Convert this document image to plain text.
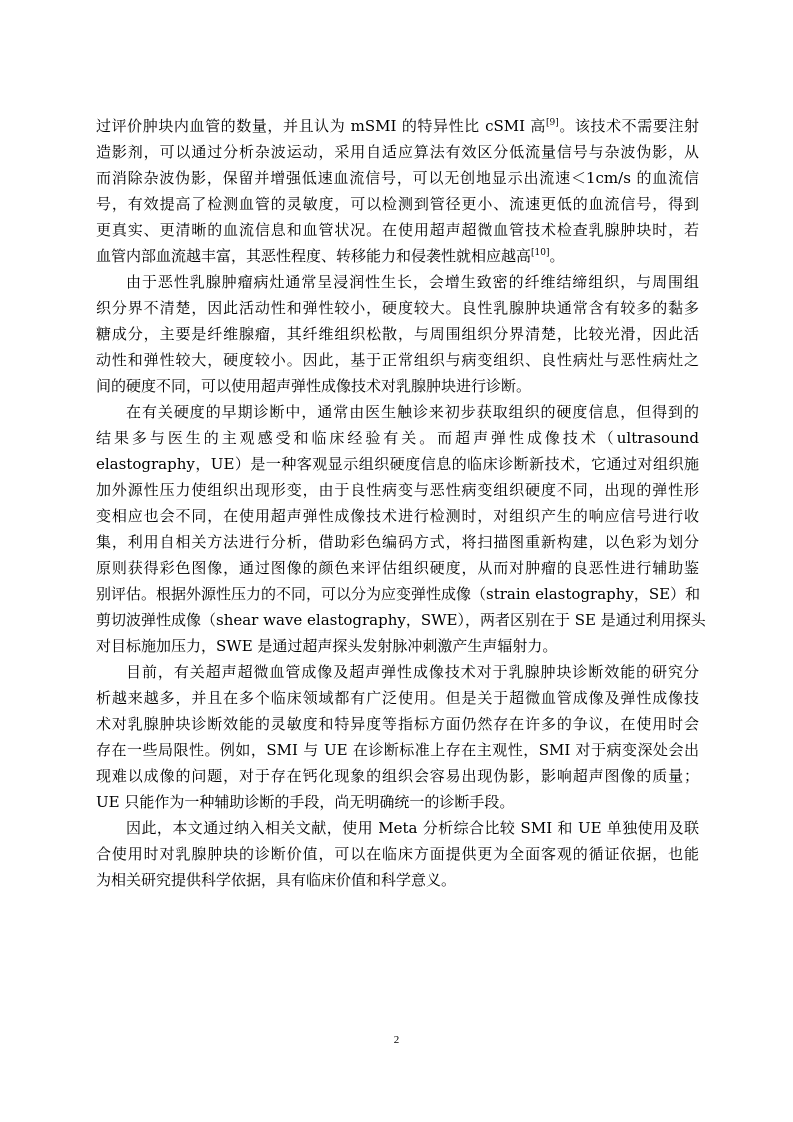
过评价肿块内血管的数量，并且认为 mSMI 的特异性比 cSMI 高[9]。该技术不需要注射
造影剂，可以通过分析杂波运动，采用自适应算法有效区分低流量信号与杂波伪影，从
而消除杂波伪影，保留并增强低速血流信号，可以无创地显示出流速＜1cm/s 的血流信
号，有效提高了检测血管的灵敏度，可以检测到管径更小、流速更低的血流信号，得到
更真实、更清晰的血流信息和血管状况。在使用超声超微血管技术检查乳腺肿块时，若
血管内部血流越丰富，其恶性程度、转移能力和侵袭性就相应越高[10]。
由于恶性乳腺肿瘤病灶通常呈浸润性生长，会增生致密的纤维结缔组织，与周围组
织分界不清楚，因此活动性和弹性较小，硬度较大。良性乳腺肿块通常含有较多的黏多
糖成分，主要是纤维腺瘤，其纤维组织松散，与周围组织分界清楚，比较光滑，因此活
动性和弹性较大，硬度较小。因此，基于正常组织与病变组织、良性病灶与恶性病灶之
间的硬度不同，可以使用超声弹性成像技术对乳腺肿块进行诊断。
在有关硬度的早期诊断中，通常由医生触诊来初步获取组织的硬度信息，但得到的
结果多与医生的主观感受和临床经验有关。而超声弹性成像技术（ultrasound
elastography，UE）是一种客观显示组织硬度信息的临床诊断新技术，它通过对组织施
加外源性压力使组织出现形变，由于良性病变与恶性病变组织硬度不同，出现的弹性形
变相应也会不同，在使用超声弹性成像技术进行检测时，对组织产生的响应信号进行收
集，利用自相关方法进行分析，借助彩色编码方式，将扫描图重新构建，以色彩为划分
原则获得彩色图像，通过图像的颜色来评估组织硬度，从而对肿瘤的良恶性进行辅助鉴
别评估。根据外源性压力的不同，可以分为应变弹性成像（strain elastography，SE）和
剪切波弹性成像（shear wave elastography，SWE），两者区别在于 SE 是通过利用探头
对目标施加压力，SWE 是通过超声探头发射脉冲刺激产生声辐射力。
目前，有关超声超微血管成像及超声弹性成像技术对于乳腺肿块诊断效能的研究分
析越来越多，并且在多个临床领域都有广泛使用。但是关于超微血管成像及弹性成像技
术对乳腺肿块诊断效能的灵敏度和特异度等指标方面仍然存在许多的争议，在使用时会
存在一些局限性。例如，SMI 与 UE 在诊断标准上存在主观性，SMI 对于病变深处会出
现难以成像的问题，对于存在钙化现象的组织会容易出现伪影，影响超声图像的质量；
UE 只能作为一种辅助诊断的手段，尚无明确统一的诊断手段。
因此，本文通过纳入相关文献，使用 Meta 分析综合比较 SMI 和 UE 单独使用及联
合使用时对乳腺肿块的诊断价值，可以在临床方面提供更为全面客观的循证依据，也能
为相关研究提供科学依据，具有临床价值和科学意义。
2
